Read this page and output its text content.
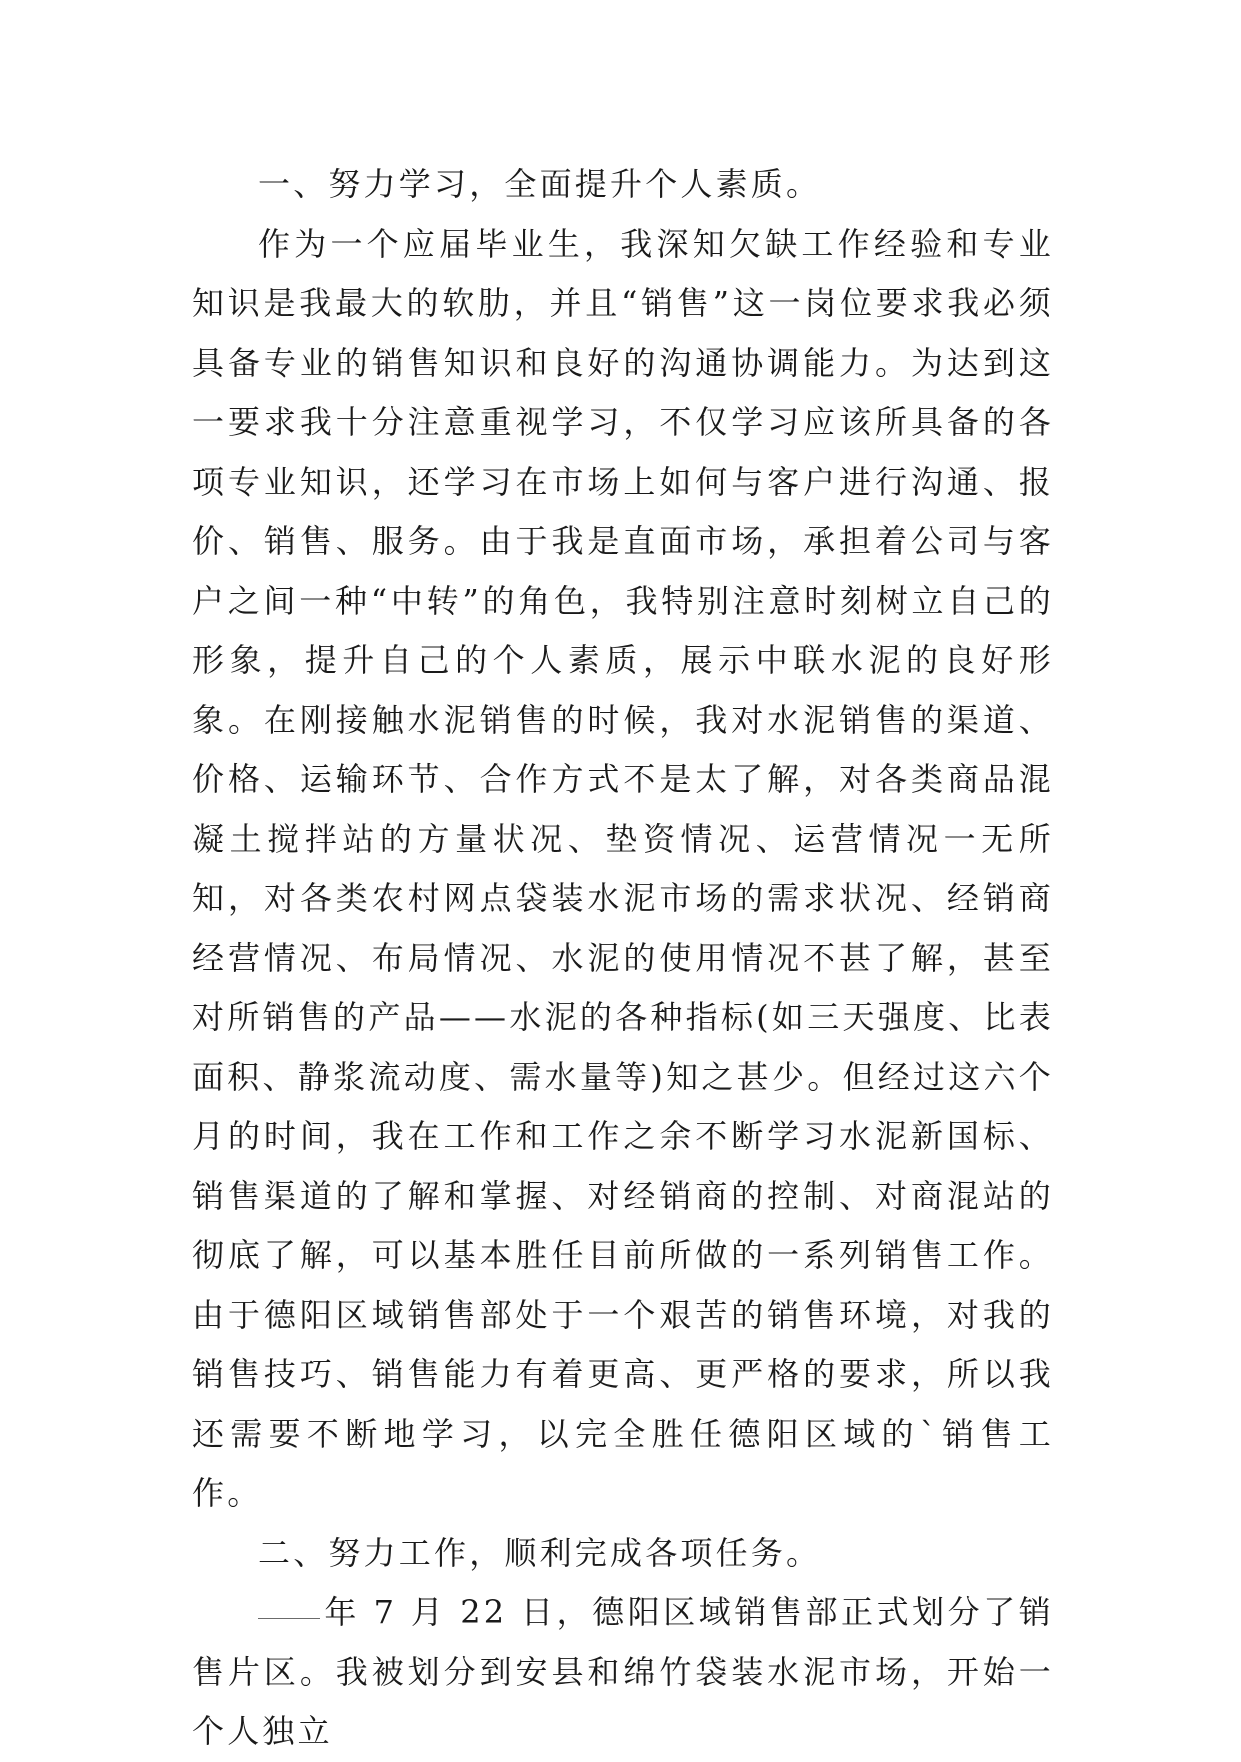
一、努力学习，全面提升个人素质。

作为一个应届毕业生，我深知欠缺工作经验和专业知识是我最大的软肋，并且“销售”这一岗位要求我必须具备专业的销售知识和良好的沟通协调能力。为达到这一要求我十分注意重视学习，不仅学习应该所具备的各项专业知识，还学习在市场上如何与客户进行沟通、报价、销售、服务。由于我是直面市场，承担着公司与客户之间一种“中转”的角色，我特别注意时刻树立自己的形象，提升自己的个人素质，展示中联水泥的良好形象。在刚接触水泥销售的时候，我对水泥销售的渠道、价格、运输环节、合作方式不是太了解，对各类商品混凝土搅拌站的方量状况、垫资情况、运营情况一无所知，对各类农村网点袋装水泥市场的需求状况、经销商经营情况、布局情况、水泥的使用情况不甚了解，甚至对所销售的产品——水泥的各种指标(如三天强度、比表面积、静浆流动度、需水量等)知之甚少。但经过这六个月的时间，我在工作和工作之余不断学习水泥新国标、销售渠道的了解和掌握、对经销商的控制、对商混站的彻底了解，可以基本胜任目前所做的一系列销售工作。由于德阳区域销售部处于一个艰苦的销售环境，对我的销售技巧、销售能力有着更高、更严格的要求，所以我还需要不断地学习，以完全胜任德阳区域的`销售工作。

二、努力工作，顺利完成各项任务。

年 7 月 22 日，德阳区域销售部正式划分了销售片区。我被划分到安县和绵竹袋装水泥市场，开始一个人独立
